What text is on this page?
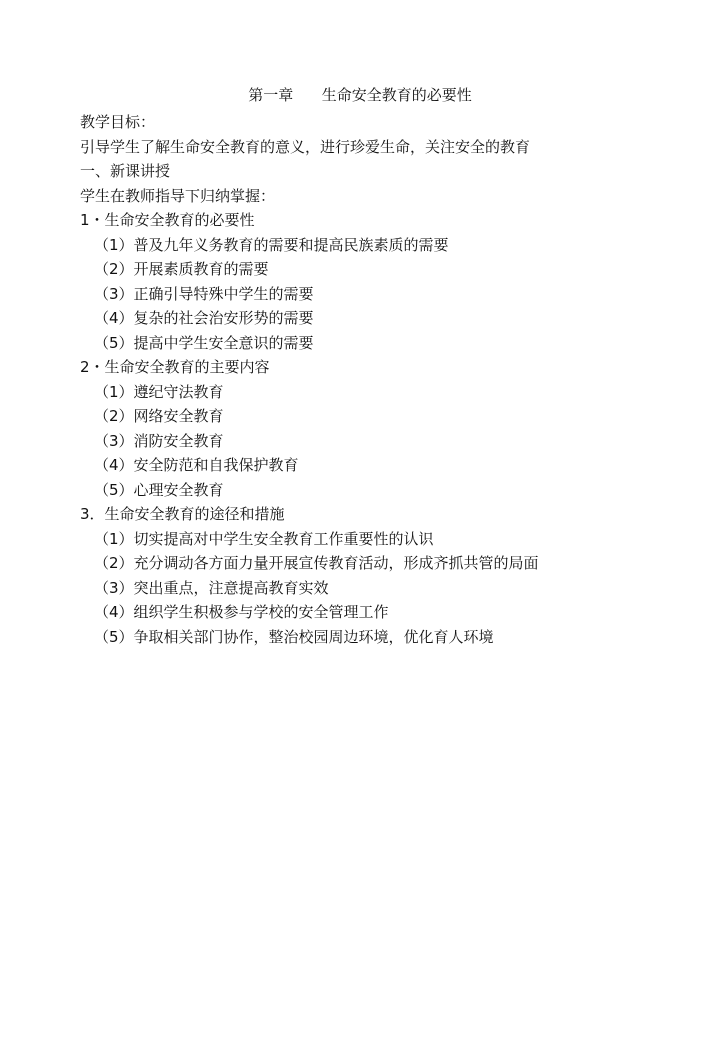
第一章      生命安全教育的必要性
教学目标：
引导学生了解生命安全教育的意义，进行珍爱生命，关注安全的教育
一、新课讲授
学生在教师指导下归纳掌握：
1・生命安全教育的必要性
（1）普及九年义务教育的需要和提高民族素质的需要
（2）开展素质教育的需要
（3）正确引导特殊中学生的需要
（4）复杂的社会治安形势的需要
（5）提高中学生安全意识的需要
2・生命安全教育的主要内容
（1）遵纪守法教育
（2）网络安全教育
（3）消防安全教育
（4）安全防范和自我保护教育
（5）心理安全教育
3．生命安全教育的途径和措施
（1）切实提高对中学生安全教育工作重要性的认识
（2）充分调动各方面力量开展宣传教育活动，形成齐抓共管的局面
（3）突出重点，注意提高教育实效
（4）组织学生积极参与学校的安全管理工作
（5）争取相关部门协作，整治校园周边环境，优化育人环境
